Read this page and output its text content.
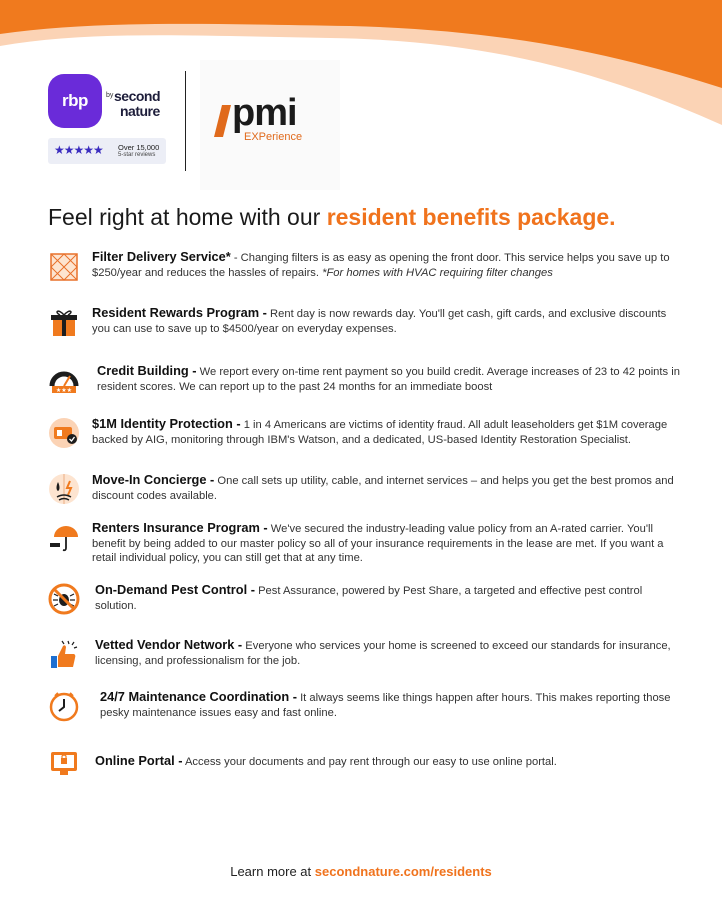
rbp	by second
nature
★★★★★ Over 15,000
5-star reviews
pmi
EXPerience
Feel right at home with our resident benefits package.
Filter Delivery Service* - Changing filters is as easy as opening the front door. This service helps you save up to $250/year and reduces the hassles of repairs. *For homes with HVAC requiring filter changes
Resident Rewards Program - Rent day is now rewards day. You'll get cash, gift cards, and exclusive discounts you can use to save up to $4500/year on everyday expenses.
★★★
Credit Building - We report every on-time rent payment so you build credit. Average increases of 23 to 42 points in resident scores. We can report up to the past 24 months for an immediate boost
$1M Identity Protection - 1 in 4 Americans are victims of identity fraud. All adult leaseholders get $1M coverage backed by AIG, monitoring through IBM's Watson, and a dedicated, US-based Identity Restoration Specialist.
Move-In Concierge - One call sets up utility, cable, and internet services – and helps you get the best promos and discount codes available.
Renters Insurance Program - We've secured the industry-leading value policy from an A-rated carrier. You'll benefit by being added to our master policy so all of your insurance requirements in the lease are met. If you want a retail individual policy, you can still get that at any time.
On-Demand Pest Control - Pest Assurance, powered by Pest Share, a targeted and effective pest control solution.
Vetted Vendor Network - Everyone who services your home is screened to exceed our standards for insurance, licensing, and professionalism for the job.
24/7 Maintenance Coordination - It always seems like things happen after hours. This makes reporting those pesky maintenance issues easy and fast online.
Online Portal - Access your documents and pay rent through our easy to use online portal.
Learn more at secondnature.com/residents
